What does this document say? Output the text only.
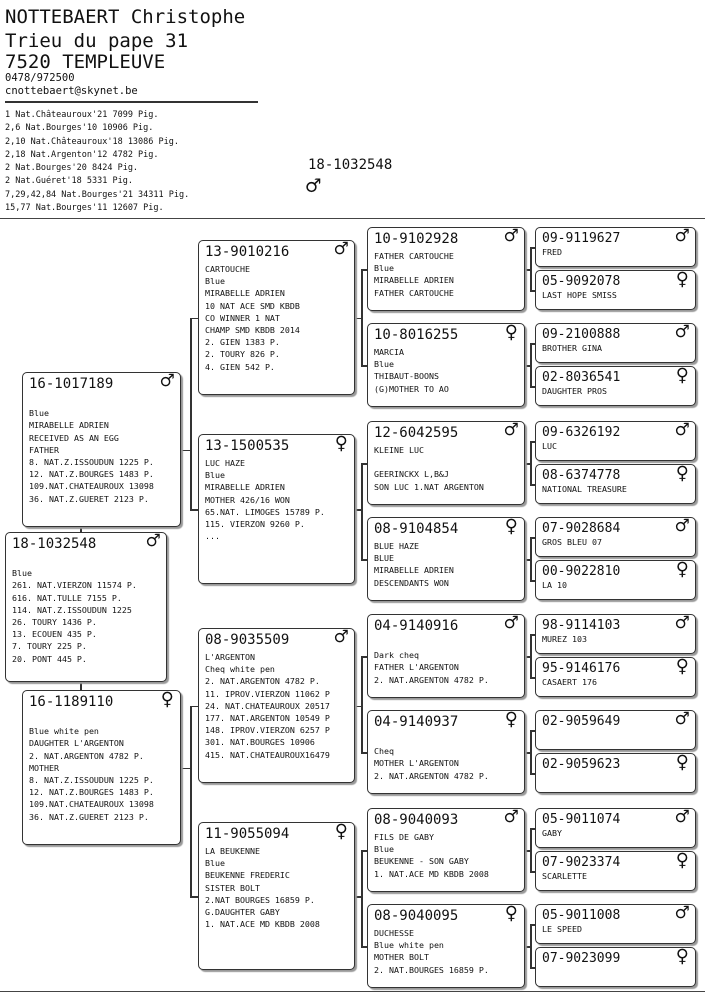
NOTTEBAERT Christophe
Trieu du pape 31
7520 TEMPLEUVE
0478/972500
cnottebaert@skynet.be
1 Nat.Châteauroux'21 7099 Pig.
2,6 Nat.Bourges'10 10906 Pig.
2,10 Nat.Châteauroux'18 13086 Pig.
2,18 Nat.Argenton'12 4782 Pig.
2 Nat.Bourges'20 8424 Pig.
2 Nat.Guéret'18 5331 Pig.
7,29,42,84 Nat.Bourges'21 34311 Pig.
15,77 Nat.Bourges'11 12607 Pig.
18-1032548
♂
18-1032548 ♂
Blue
261. NAT.VIERZON 11574 P.
616. NAT.TULLE 7155 P.
114. NAT.Z.ISSOUDUN 1225
26. TOURY 1436 P.
13. ECOUEN 435 P.
7. TOURY 225 P.
20. PONT 445 P.
16-1017189 ♂
Blue
MIRABELLE ADRIEN
RECEIVED AS AN EGG
FATHER
8. NAT.Z.ISSOUDUN 1225 P.
12. NAT.Z.BOURGES 1483 P.
109.NAT.CHATEAUROUX 13098
36. NAT.Z.GUERET 2123 P.
16-1189110 ♀
Blue white pen
DAUGHTER L'ARGENTON
2. NAT.ARGENTON 4782 P.
MOTHER
8. NAT.Z.ISSOUDUN 1225 P.
12. NAT.Z.BOURGES 1483 P.
109.NAT.CHATEAUROUX 13098
36. NAT.Z.GUERET 2123 P.
13-9010216 ♂
CARTOUCHE
Blue
MIRABELLE ADRIEN
10 NAT ACE SMD KBDB
CO WINNER 1 NAT
CHAMP SMD KBDB 2014
2. GIEN 1383 P.
2. TOURY 826 P.
4. GIEN 542 P.
13-1500535 ♀
LUC HAZE
Blue
MIRABELLE ADRIEN
MOTHER 426/16 WON
65.NAT. LIMOGES 15789 P.
115. VIERZON 9260 P.
...
08-9035509 ♂
L'ARGENTON
Cheq white pen
2. NAT.ARGENTON 4782 P.
11. IPROV.VIERZON 11062 P
24. NAT.CHATEAUROUX 20517
177. NAT.ARGENTON 10549 P
148. IPROV.VIERZON 6257 P
301. NAT.BOURGES 10906
415. NAT.CHATEAUROUX16479
11-9055094 ♀
LA BEUKENNE
Blue
BEUKENNE FREDERIC
SISTER BOLT
2.NAT BOURGES 16859 P.
G.DAUGHTER GABY
1. NAT.ACE MD KBDB 2008
10-9102928 ♂
FATHER CARTOUCHE
Blue
MIRABELLE ADRIEN
FATHER CARTOUCHE
10-8016255 ♀
MARCIA
Blue
THIBAUT-BOONS
(G)MOTHER TO AO
12-6042595 ♂
KLEINE LUC
GEERINCKX L,B&J
SON LUC 1.NAT ARGENTON
08-9104854 ♀
BLUE HAZE
BLUE
MIRABELLE ADRIEN
DESCENDANTS WON
04-9140916 ♂
Dark cheq
FATHER L'ARGENTON
2. NAT.ARGENTON 4782 P.
04-9140937 ♀
Cheq
MOTHER L'ARGENTON
2. NAT.ARGENTON 4782 P.
08-9040093 ♂
FILS DE GABY
Blue
BEUKENNE - SON GABY
1. NAT.ACE MD KBDB 2008
08-9040095 ♀
DUCHESSE
Blue white pen
MOTHER BOLT
2. NAT.BOURGES 16859 P.
09-9119627	♂
FRED
05-9092078	♀
LAST HOPE SMISS
09-2100888	♂
BROTHER GINA
02-8036541	♀
DAUGHTER PROS
09-6326192	♂
LUC
08-6374778	♀
NATIONAL TREASURE
07-9028684	♂
GROS BLEU 07
00-9022810	♀
LA 10
98-9114103	♂
MUREZ 103
95-9146176	♀
CASAERT 176
02-9059649	♂
02-9059623	♀
05-9011074	♂
GABY
07-9023374	♀
SCARLETTE
05-9011008	♂
LE SPEED
07-9023099	♀
